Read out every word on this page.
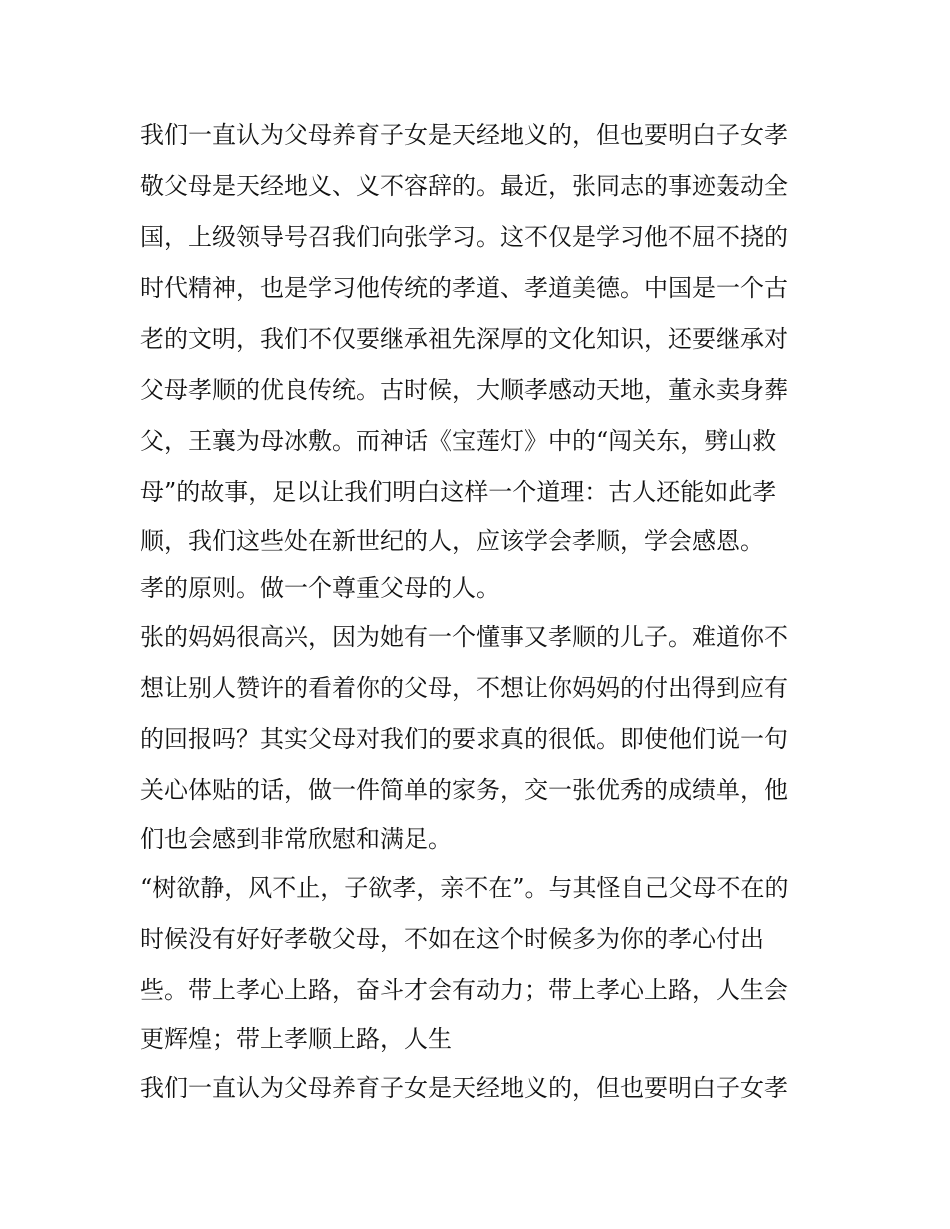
我们一直认为父母养育子女是天经地义的，但也要明白子女孝
敬父母是天经地义、义不容辞的。最近，张同志的事迹轰动全
国，上级领导号召我们向张学习。这不仅是学习他不屈不挠的
时代精神，也是学习他传统的孝道、孝道美德。中国是一个古
老的文明，我们不仅要继承祖先深厚的文化知识，还要继承对
父母孝顺的优良传统。古时候，大顺孝感动天地，董永卖身葬
父，王襄为母冰敷。而神话《宝莲灯》中的“闯关东，劈山救
母”的故事，足以让我们明白这样一个道理：古人还能如此孝
顺，我们这些处在新世纪的人，应该学会孝顺，学会感恩。
孝的原则。做一个尊重父母的人。
张的妈妈很高兴，因为她有一个懂事又孝顺的儿子。难道你不
想让别人赞许的看着你的父母，不想让你妈妈的付出得到应有
的回报吗？其实父母对我们的要求真的很低。即使他们说一句
关心体贴的话，做一件简单的家务，交一张优秀的成绩单，他
们也会感到非常欣慰和满足。
“树欲静，风不止，子欲孝，亲不在”。与其怪自己父母不在的
时候没有好好孝敬父母，不如在这个时候多为你的孝心付出
些。带上孝心上路，奋斗才会有动力；带上孝心上路，人生会
更辉煌；带上孝顺上路，人生
我们一直认为父母养育子女是天经地义的，但也要明白子女孝
